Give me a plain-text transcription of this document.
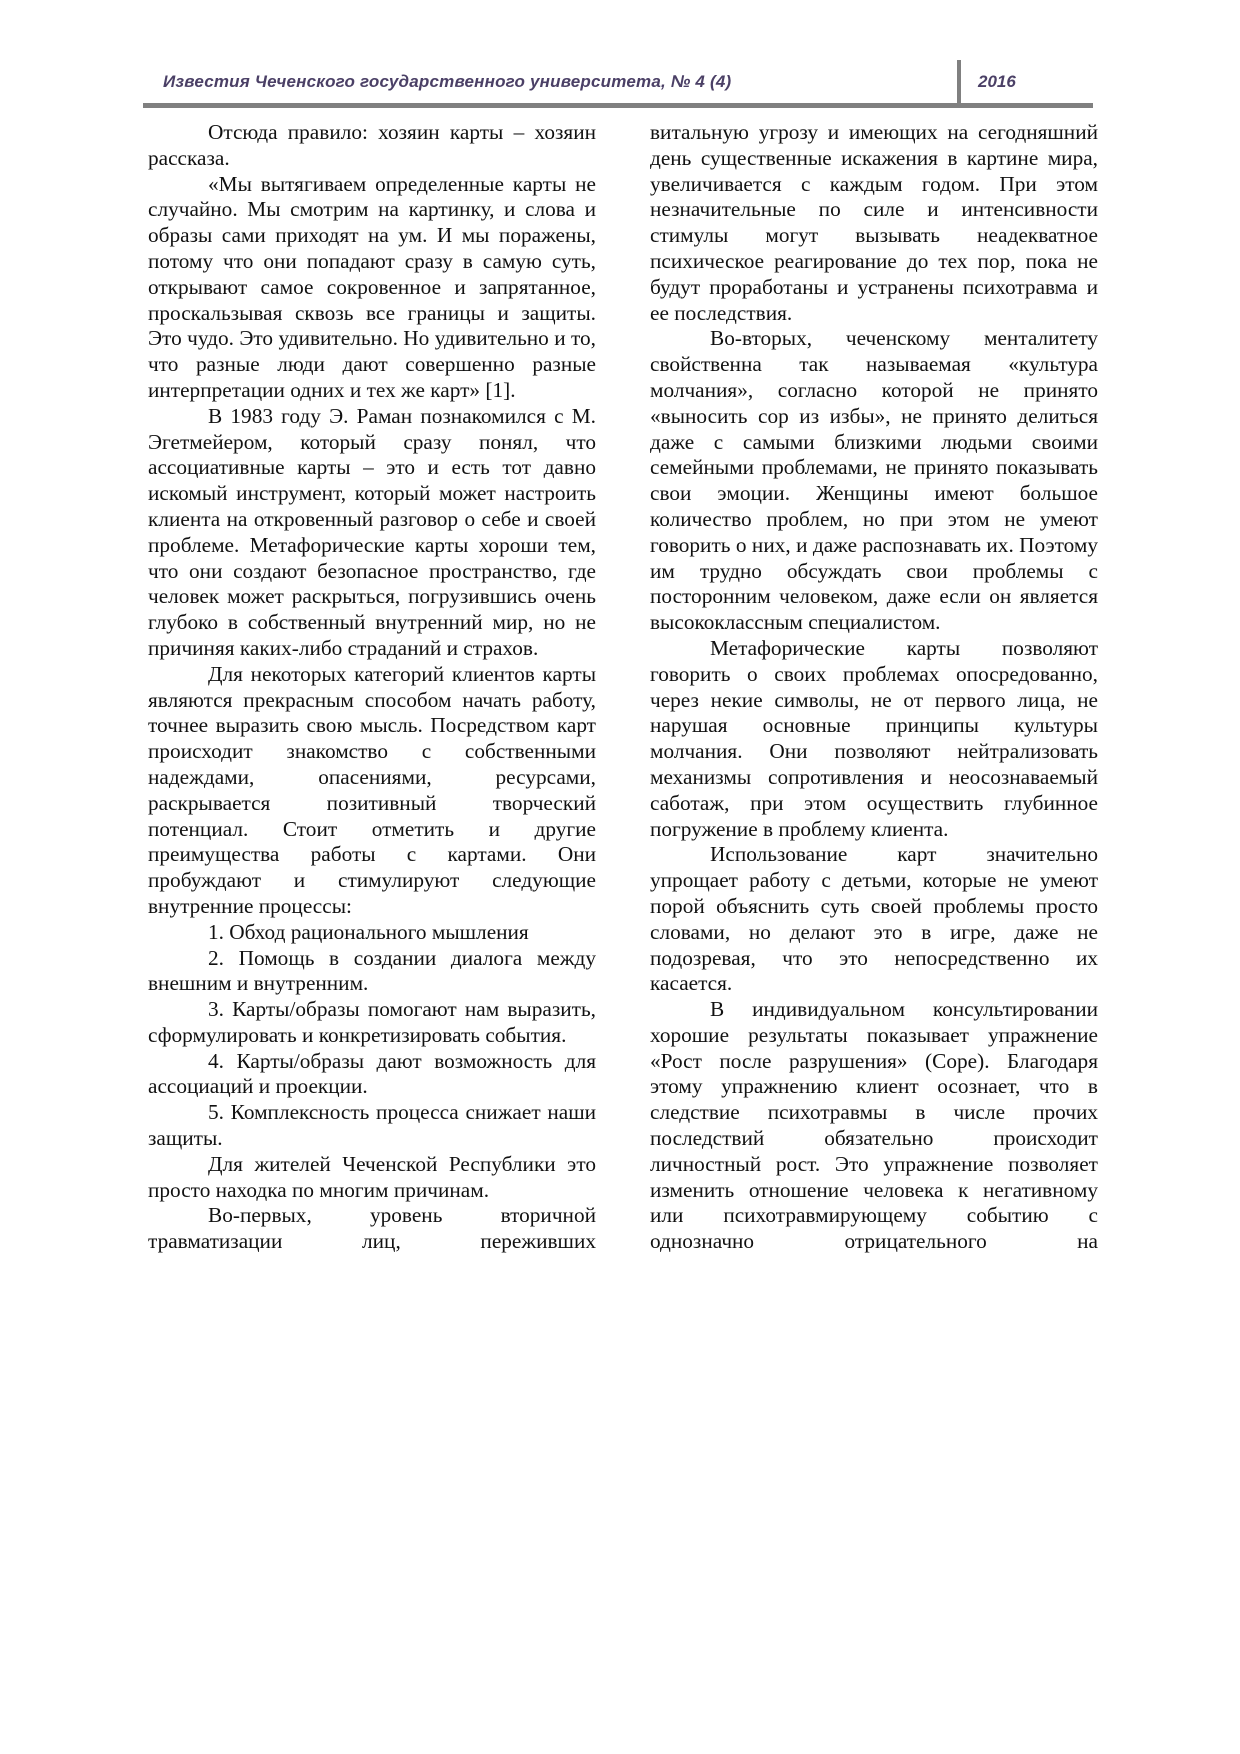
Известия Чеченского государственного университета, № 4 (4)	2016

Отсюда правило: хозяин карты – хозяин рассказа.

«Мы вытягиваем определенные карты не случайно. Мы смотрим на картинку, и слова и образы сами приходят на ум. И мы поражены, потому что они попадают сразу в самую суть, открывают самое сокровенное и запрятанное, проскальзывая сквозь все границы и защиты. Это чудо. Это удивительно. Но удивительно и то, что разные люди дают совершенно разные интерпретации одних и тех же карт» [1].

В 1983 году Э. Раман познакомился с М. Эгетмейером, который сразу понял, что ассоциативные карты – это и есть тот давно искомый инструмент, который может настроить клиента на откровенный разговор о себе и своей проблеме. Метафорические карты хороши тем, что они создают безопасное пространство, где человек может раскрыться, погрузившись очень глубоко в собственный внутренний мир, но не причиняя каких-либо страданий и страхов.

Для некоторых категорий клиентов карты являются прекрасным способом начать работу, точнее выразить свою мысль. Посредством карт происходит знакомство с собственными надеждами, опасениями, ресурсами, раскрывается позитивный творческий потенциал. Стоит отметить и другие преимущества работы с картами. Они пробуждают и стимулируют следующие внутренние процессы:

1. Обход рационального мышления

2. Помощь в создании диалога между внешним и внутренним.

3. Карты/образы помогают нам выразить, сформулировать и конкретизировать события.

4. Карты/образы дают возможность для ассоциаций и проекции.

5. Комплексность процесса снижает наши защиты.

Для жителей Чеченской Республики это просто находка по многим причинам.

Во-первых, уровень вторичной травматизации лиц, переживших

витальную угрозу и имеющих на сегодняшний день существенные искажения в картине мира, увеличивается с каждым годом. При этом незначительные по силе и интенсивности стимулы могут вызывать неадекватное психическое реагирование до тех пор, пока не будут проработаны и устранены психотравма и ее последствия.

Во-вторых, чеченскому менталитету свойственна так называемая «культура молчания», согласно которой не принято «выносить сор из избы», не принято делиться даже с самыми близкими людьми своими семейными проблемами, не принято показывать свои эмоции. Женщины имеют большое количество проблем, но при этом не умеют говорить о них, и даже распознавать их. Поэтому им трудно обсуждать свои проблемы с посторонним человеком, даже если он является высококлассным специалистом.

Метафорические карты позволяют говорить о своих проблемах опосредованно, через некие символы, не от первого лица, не нарушая основные принципы культуры молчания. Они позволяют нейтрализовать механизмы сопротивления и неосознаваемый саботаж, при этом осуществить глубинное погружение в проблему клиента.

Использование карт значительно упрощает работу с детьми, которые не умеют порой объяснить суть своей проблемы просто словами, но делают это в игре, даже не подозревая, что это непосредственно их касается.

В индивидуальном консультировании хорошие результаты показывает упражнение «Рост после разрушения» (Cope). Благодаря этому упражнению клиент осознает, что в следствие психотравмы в числе прочих последствий обязательно происходит личностный рост. Это упражнение позволяет изменить отношение человека к негативному или психотравмирующему событию с однозначно отрицательного на
